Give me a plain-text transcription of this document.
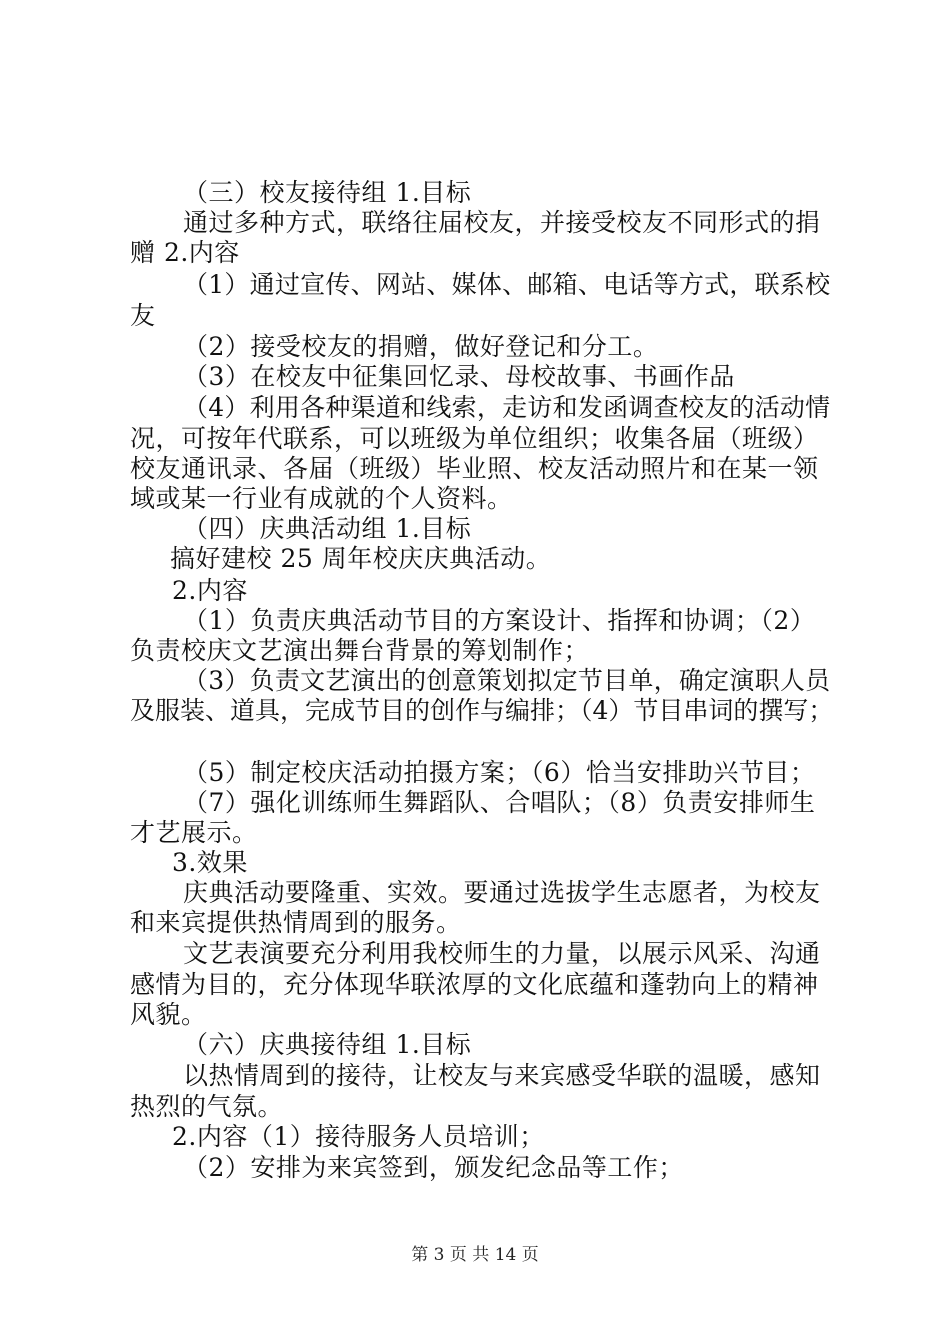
（三）校友接待组 1.目标
通过多种方式，联络往届校友，并接受校友不同形式的捐
赠 2.内容
（1）通过宣传、网站、媒体、邮箱、电话等方式，联系校
友
（2）接受校友的捐赠，做好登记和分工。
（3）在校友中征集回忆录、母校故事、书画作品
（4）利用各种渠道和线索，走访和发函调查校友的活动情
况，可按年代联系，可以班级为单位组织；收集各届（班级）
校友通讯录、各届（班级）毕业照、校友活动照片和在某一领
域或某一行业有成就的个人资料。
（四）庆典活动组 1.目标
搞好建校 25 周年校庆庆典活动。
2.内容
（1）负责庆典活动节目的方案设计、指挥和协调；（2）
负责校庆文艺演出舞台背景的筹划制作；
（3）负责文艺演出的创意策划拟定节目单，确定演职人员
及服装、道具，完成节目的创作与编排；（4）节目串词的撰写；
（5）制定校庆活动拍摄方案；（6）恰当安排助兴节目；
（7）强化训练师生舞蹈队、合唱队；（8）负责安排师生
才艺展示。
3.效果
庆典活动要隆重、实效。要通过选拔学生志愿者，为校友
和来宾提供热情周到的服务。
文艺表演要充分利用我校师生的力量，以展示风采、沟通
感情为目的，充分体现华联浓厚的文化底蕴和蓬勃向上的精神
风貌。
（六）庆典接待组 1.目标
以热情周到的接待，让校友与来宾感受华联的温暖，感知
热烈的气氛。
2.内容（1）接待服务人员培训；
（2）安排为来宾签到，颁发纪念品等工作；
第 3 页 共 14 页
